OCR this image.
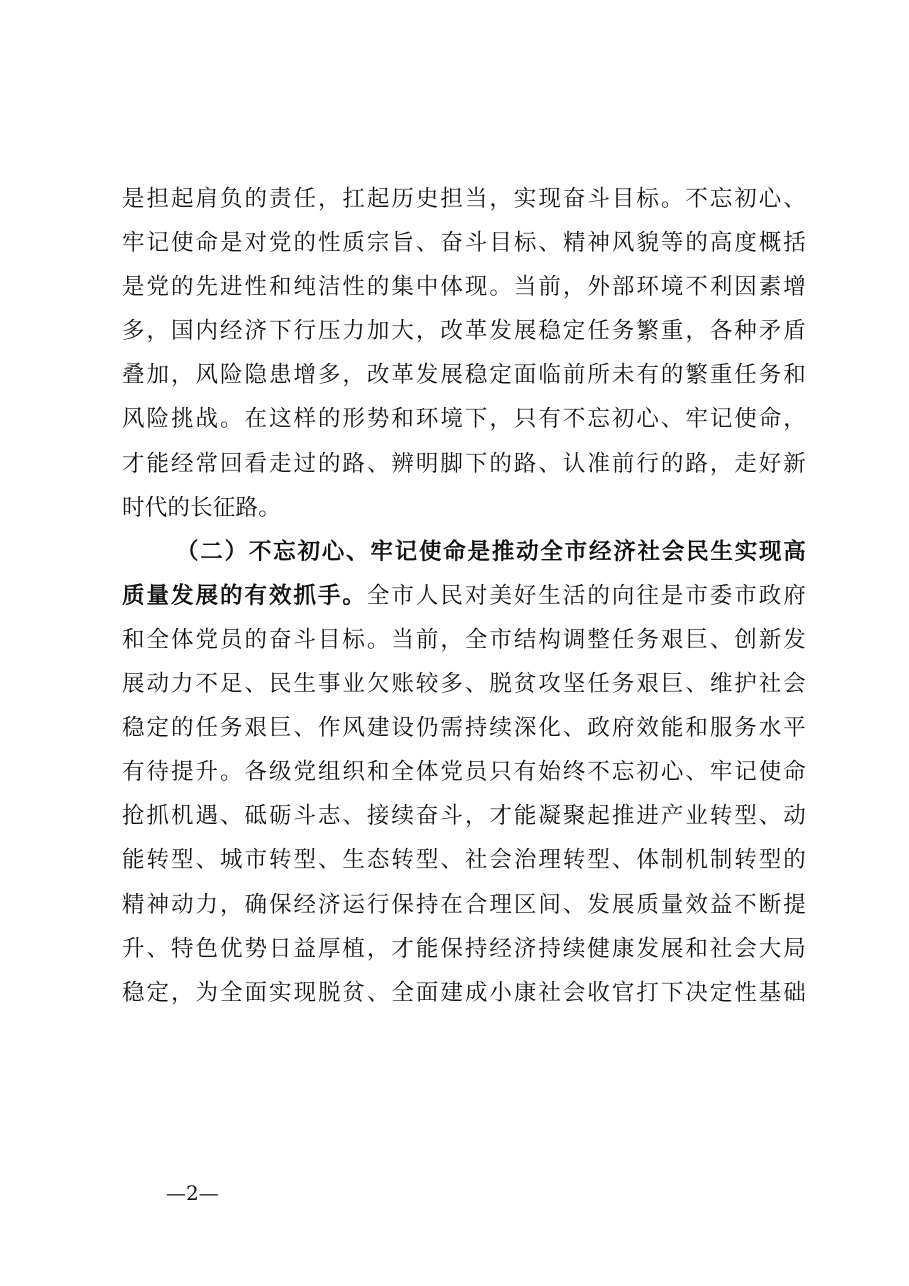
是担起肩负的责任，扛起历史担当，实现奋斗目标。不忘初心、
牢记使命是对党的性质宗旨、奋斗目标、精神风貌等的高度概括
是党的先进性和纯洁性的集中体现。当前，外部环境不利因素增
多，国内经济下行压力加大，改革发展稳定任务繁重，各种矛盾
叠加，风险隐患增多，改革发展稳定面临前所未有的繁重任务和
风险挑战。在这样的形势和环境下，只有不忘初心、牢记使命，
才能经常回看走过的路、辨明脚下的路、认准前行的路，走好新
时代的长征路。
（二）不忘初心、牢记使命是推动全市经济社会民生实现高
质量发展的有效抓手。全市人民对美好生活的向往是市委市政府
和全体党员的奋斗目标。当前，全市结构调整任务艰巨、创新发
展动力不足、民生事业欠账较多、脱贫攻坚任务艰巨、维护社会
稳定的任务艰巨、作风建设仍需持续深化、政府效能和服务水平
有待提升。各级党组织和全体党员只有始终不忘初心、牢记使命
抢抓机遇、砥砺斗志、接续奋斗，才能凝聚起推进产业转型、动
能转型、城市转型、生态转型、社会治理转型、体制机制转型的
精神动力，确保经济运行保持在合理区间、发展质量效益不断提
升、特色优势日益厚植，才能保持经济持续健康发展和社会大局
稳定，为全面实现脱贫、全面建成小康社会收官打下决定性基础
—2—
